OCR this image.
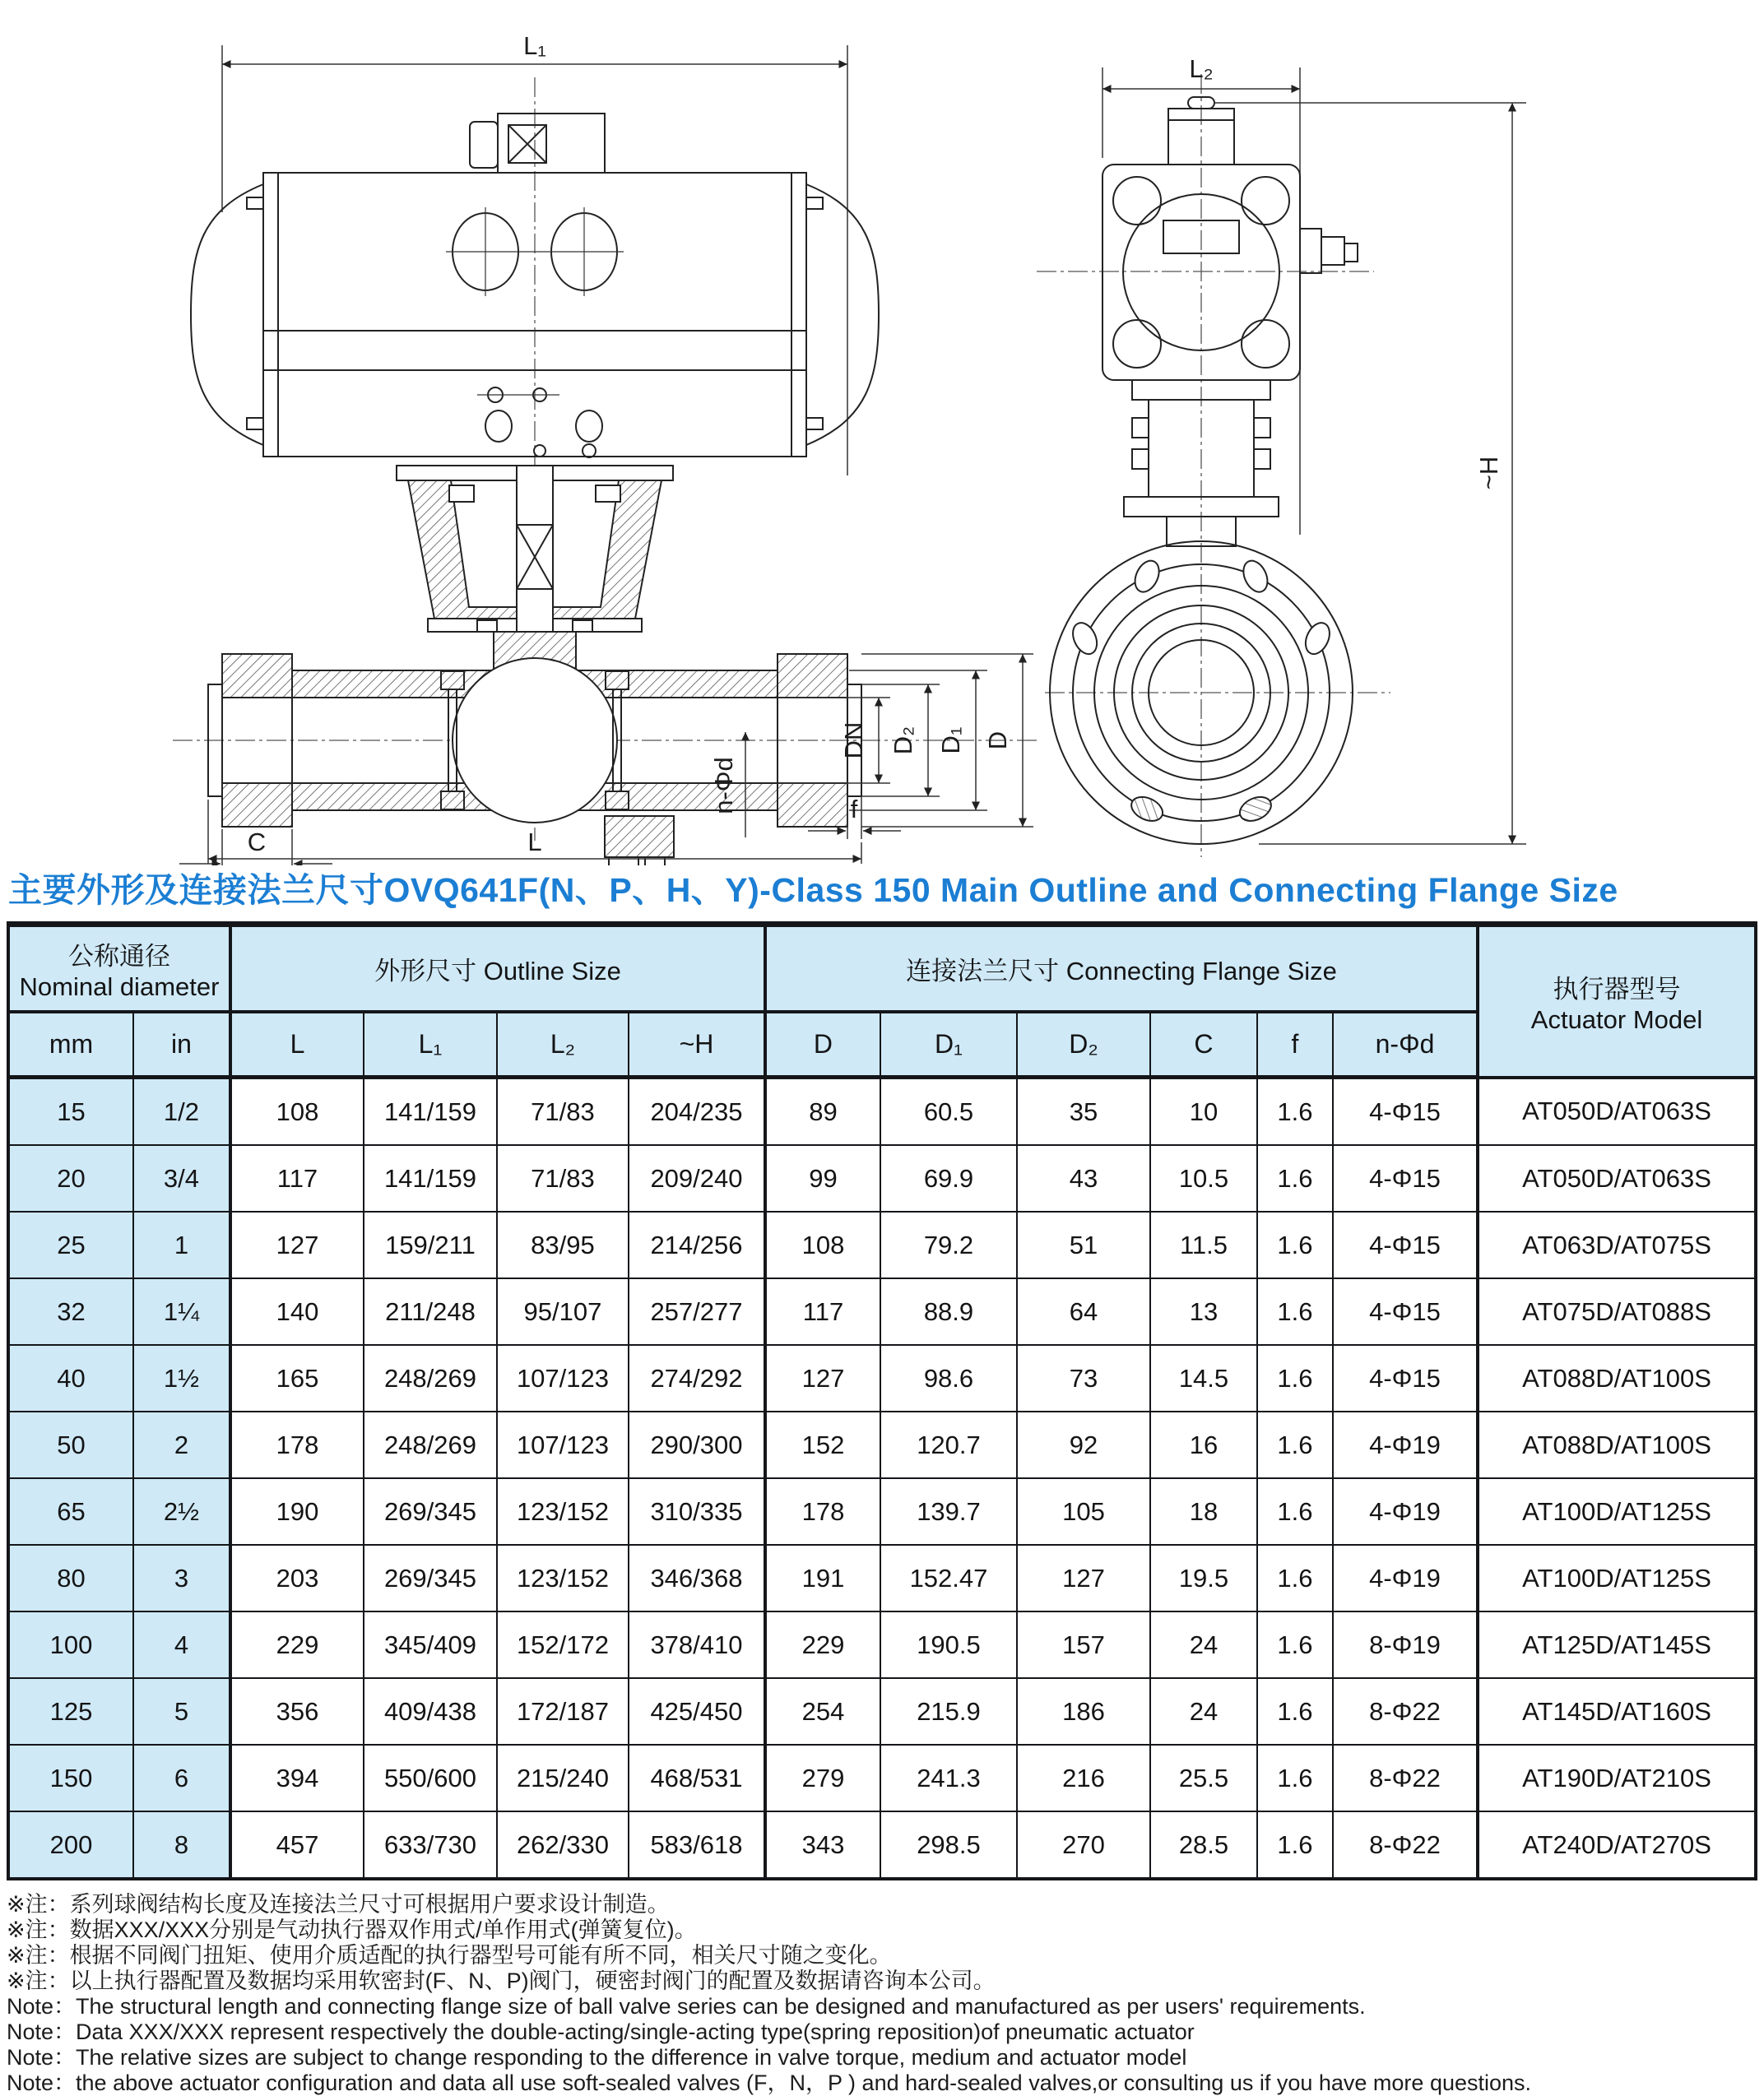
L₁
DN D₂ D₁ D
f
n-Φd
C	L
L₂
~H
主要外形及连接法兰尺寸OVQ641F(N、P、H、Y)-Class 150 Main Outline and Connecting Flange Size
公称通径
Nominal diameter
	外形尺寸 Outline Size	连接法兰尺寸 Connecting Flange Size	
执行器型号
Actuator Model

mm	in	L	L₁	L₂	~H	D	D₁	D₂	C	f	n-Φd	
15	1/2	108	141/159	71/83	204/235	89	60.5	35	10	1.6	4-Φ15	AT050D/AT063S
20	3/4	117	141/159	71/83	209/240	99	69.9	43	10.5	1.6	4-Φ15	AT050D/AT063S
25	1	127	159/211	83/95	214/256	108	79.2	51	11.5	1.6	4-Φ15	AT063D/AT075S
32	1¼	140	211/248	95/107	257/277	117	88.9	64	13	1.6	4-Φ15	AT075D/AT088S
40	1½	165	248/269	107/123	274/292	127	98.6	73	14.5	1.6	4-Φ15	AT088D/AT100S
50	2	178	248/269	107/123	290/300	152	120.7	92	16	1.6	4-Φ19	AT088D/AT100S
65	2½	190	269/345	123/152	310/335	178	139.7	105	18	1.6	4-Φ19	AT100D/AT125S
80	3	203	269/345	123/152	346/368	191	152.47	127	19.5	1.6	4-Φ19	AT100D/AT125S
100	4	229	345/409	152/172	378/410	229	190.5	157	24	1.6	8-Φ19	AT125D/AT145S
125	5	356	409/438	172/187	425/450	254	215.9	186	24	1.6	8-Φ22	AT145D/AT160S
150	6	394	550/600	215/240	468/531	279	241.3	216	25.5	1.6	8-Φ22	AT190D/AT210S
200	8	457	633/730	262/330	583/618	343	298.5	270	28.5	1.6	8-Φ22	AT240D/AT270S
※注：系列球阀结构长度及连接法兰尺寸可根据用户要求设计制造。
※注：数据XXX/XXX分别是气动执行器双作用式/单作用式(弹簧复位)。
※注：根据不同阀门扭矩、使用介质适配的执行器型号可能有所不同，相关尺寸随之变化。
※注：以上执行器配置及数据均采用软密封(F、N、P)阀门，硬密封阀门的配置及数据请咨询本公司。
Note：The structural length and connecting flange size of ball valve series can be designed and manufactured as per users' requirements.
Note：Data XXX/XXX represent respectively the double-acting/single-acting type(spring reposition)of pneumatic actuator
Note：The relative sizes are subject to change responding to the difference in valve torque, medium and actuator model
Note：the above actuator configuration and data all use soft-sealed valves (F，N，P ) and hard-sealed valves,or consulting us if you have more questions.
